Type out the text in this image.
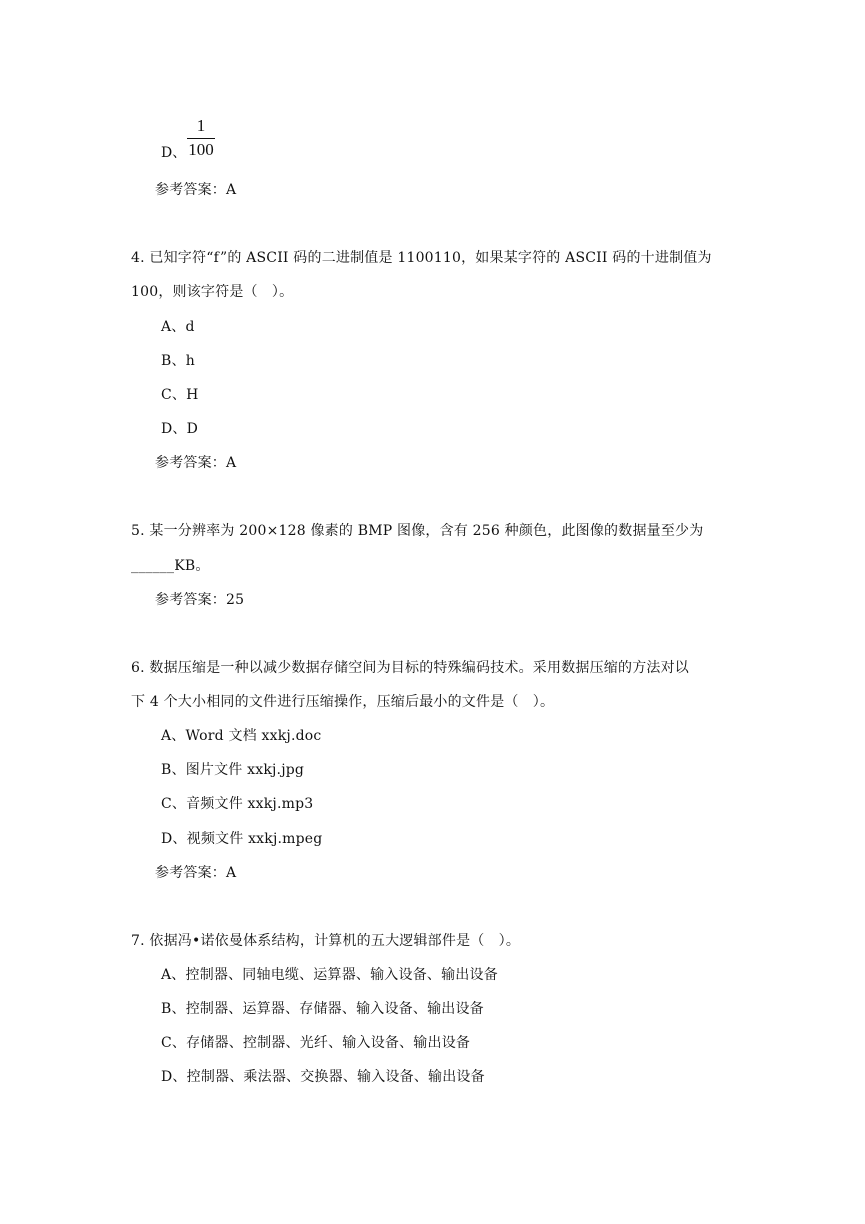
D、
1
100
参考答案：A
4. 已知字符“f”的 ASCII 码的二进制值是 1100110，如果某字符的 ASCII 码的十进制值为
100，则该字符是（　）。
A、d
B、h
C、H
D、D
参考答案：A
5. 某一分辨率为 200×128 像素的 BMP 图像，含有 256 种颜色，此图像的数据量至少为
______KB。
参考答案：25
6. 数据压缩是一种以减少数据存储空间为目标的特殊编码技术。采用数据压缩的方法对以
下 4 个大小相同的文件进行压缩操作，压缩后最小的文件是（　）。
A、Word 文档 xxkj.doc
B、图片文件 xxkj.jpg
C、音频文件 xxkj.mp3
D、视频文件 xxkj.mpeg
参考答案：A
7. 依据冯•诺依曼体系结构，计算机的五大逻辑部件是（　）。
A、控制器、同轴电缆、运算器、输入设备、输出设备
B、控制器、运算器、存储器、输入设备、输出设备
C、存储器、控制器、光纤、输入设备、输出设备
D、控制器、乘法器、交换器、输入设备、输出设备
